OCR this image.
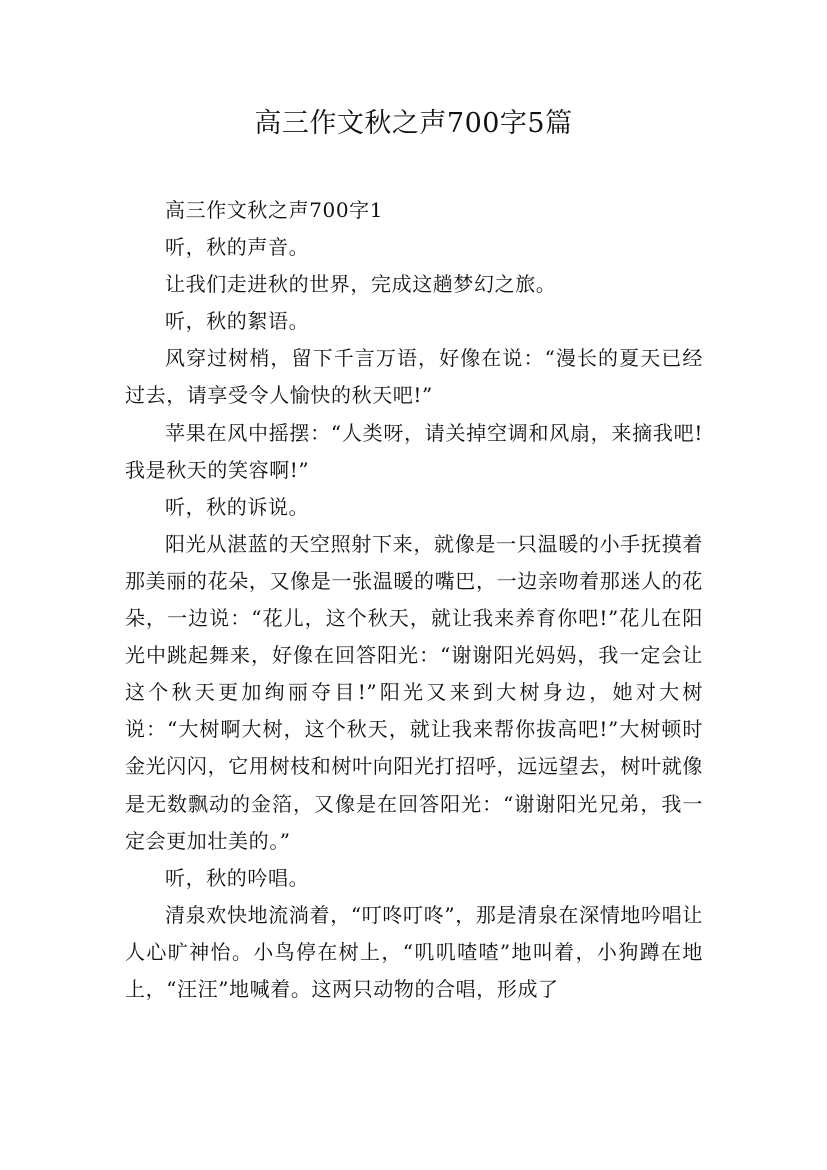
高三作文秋之声700字5篇

高三作文秋之声700字1

听，秋的声音。

让我们走进秋的世界，完成这趟梦幻之旅。

听，秋的絮语。

风穿过树梢，留下千言万语，好像在说：“漫长的夏天已经过去，请享受令人愉快的秋天吧!”

苹果在风中摇摆：“人类呀，请关掉空调和风扇，来摘我吧!我是秋天的笑容啊!”

听，秋的诉说。

阳光从湛蓝的天空照射下来，就像是一只温暖的小手抚摸着那美丽的花朵，又像是一张温暖的嘴巴，一边亲吻着那迷人的花朵，一边说：“花儿，这个秋天，就让我来养育你吧!”花儿在阳光中跳起舞来，好像在回答阳光：“谢谢阳光妈妈，我一定会让这个秋天更加绚丽夺目!”阳光又来到大树身边，她对大树说：“大树啊大树，这个秋天，就让我来帮你拔高吧!”大树顿时金光闪闪，它用树枝和树叶向阳光打招呼，远远望去，树叶就像是无数飘动的金箔，又像是在回答阳光：“谢谢阳光兄弟，我一定会更加壮美的。”

听，秋的吟唱。

清泉欢快地流淌着，“叮咚叮咚”，那是清泉在深情地吟唱让人心旷神怡。小鸟停在树上，“叽叽喳喳”地叫着，小狗蹲在地上，“汪汪”地喊着。这两只动物的合唱，形成了
